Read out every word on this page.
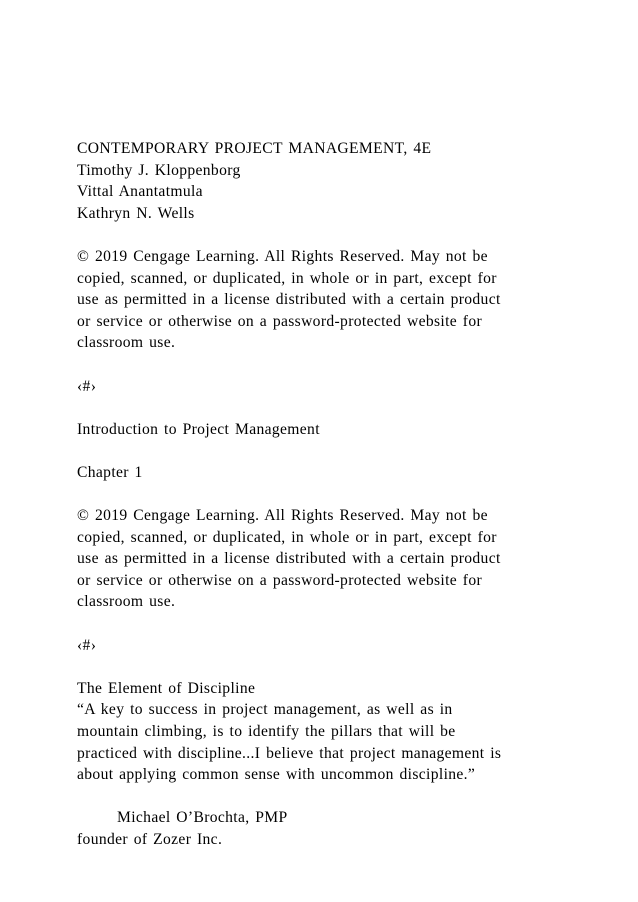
CONTEMPORARY PROJECT MANAGEMENT, 4E
Timothy J. Kloppenborg
Vittal Anantatmula
Kathryn N. Wells
© 2019 Cengage Learning. All Rights Reserved. May not be
copied, scanned, or duplicated, in whole or in part, except for
use as permitted in a license distributed with a certain product
or service or otherwise on a password-protected website for
classroom use.
‹#›
Introduction to Project Management
Chapter 1
© 2019 Cengage Learning. All Rights Reserved. May not be
copied, scanned, or duplicated, in whole or in part, except for
use as permitted in a license distributed with a certain product
or service or otherwise on a password-protected website for
classroom use.
‹#›
The Element of Discipline
“A key to success in project management, as well as in
mountain climbing, is to identify the pillars that will be
practiced with discipline...I believe that project management is
about applying common sense with uncommon discipline.”
Michael O’Brochta, PMP
founder of Zozer Inc.
